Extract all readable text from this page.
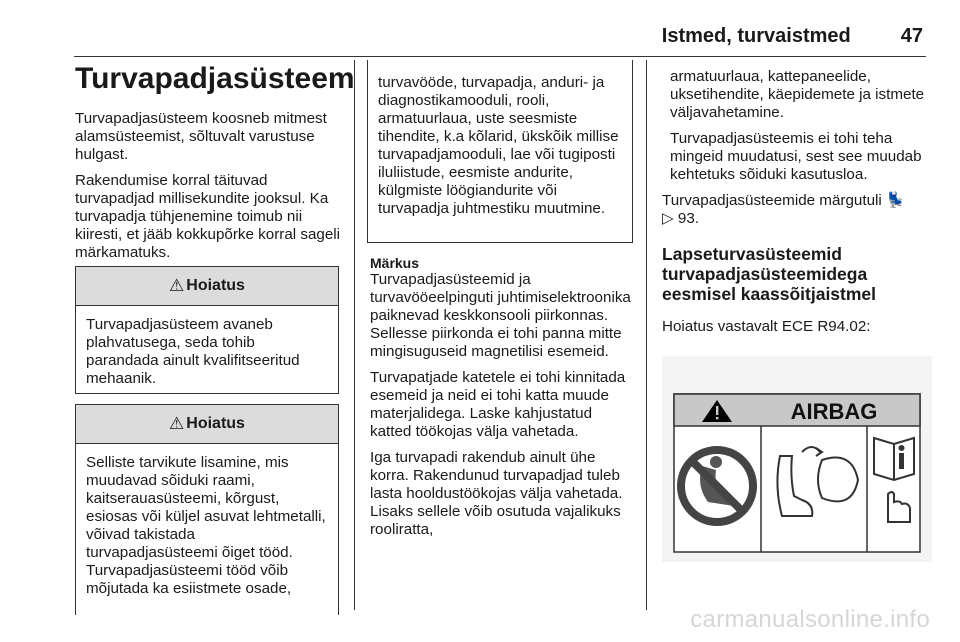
Istmed, turvaistmed	47
Turvapadjasüsteem

Turvapadjasüsteem koosneb mitmest alamsüsteemist, sõltuvalt varustuse hulgast.

Rakendumise korral täituvad turvapadjad millisekundite jooksul. Ka turvapadja tühjenemine toimub nii kiiresti, et jääb kokkupõrke korral sageli märkamatuks.

⚠ Hoiatus
Turvapadjasüsteem avaneb plahvatusega, seda tohib parandada ainult kvalifitseeritud mehaanik.
⚠ Hoiatus
Selliste tarvikute lisamine, mis muudavad sõiduki raami, kaitserauasüsteemi, kõrgust, esiosas või küljel asuvat lehtmetalli, võivad takistada turvapadjasüsteemi õiget tööd. Turvapadjasüsteemi tööd võib mõjutada ka esiistmete osade,
turvavööde, turvapadja, anduri- ja diagnostikamooduli, rooli, armatuurlaua, uste seesmiste tihendite, k.a kõlarid, ükskõik millise turvapadjamooduli, lae või tugiposti iluliistude, eesmiste andurite, külgmiste löögiandurite või turvapadja juhtmestiku muutmine.
Märkus

Turvapadjasüsteemid ja turvavööeelpinguti juhtimiselektroonika paiknevad keskkonsooli piirkonnas. Sellesse piirkonda ei tohi panna mitte mingisuguseid magnetilisi esemeid.

Turvapatjade katetele ei tohi kinnitada esemeid ja neid ei tohi katta muude materjalidega. Laske kahjustatud katted töökojas välja vahetada.

Iga turvapadi rakendub ainult ühe korra. Rakendunud turvapadjad tuleb lasta hooldustöökojas välja vahetada. Lisaks sellele võib osutuda vajalikuks rooliratta,

armatuurlaua, kattepaneelide, uksetihendite, käepidemete ja istmete väljavahetamine.

Turvapadjasüsteemis ei tohi teha mingeid muudatusi, sest see muudab kehtetuks sõiduki kasutusloa.

Turvapadjasüsteemide märgutuli 💺
▷ 93.

Lapseturvasüsteemid turvapadjasüsteemidega eesmisel kaassõitjaistmel

Hoiatus vastavalt ECE R94.02:

AIRBAG
carmanualsonline.info
